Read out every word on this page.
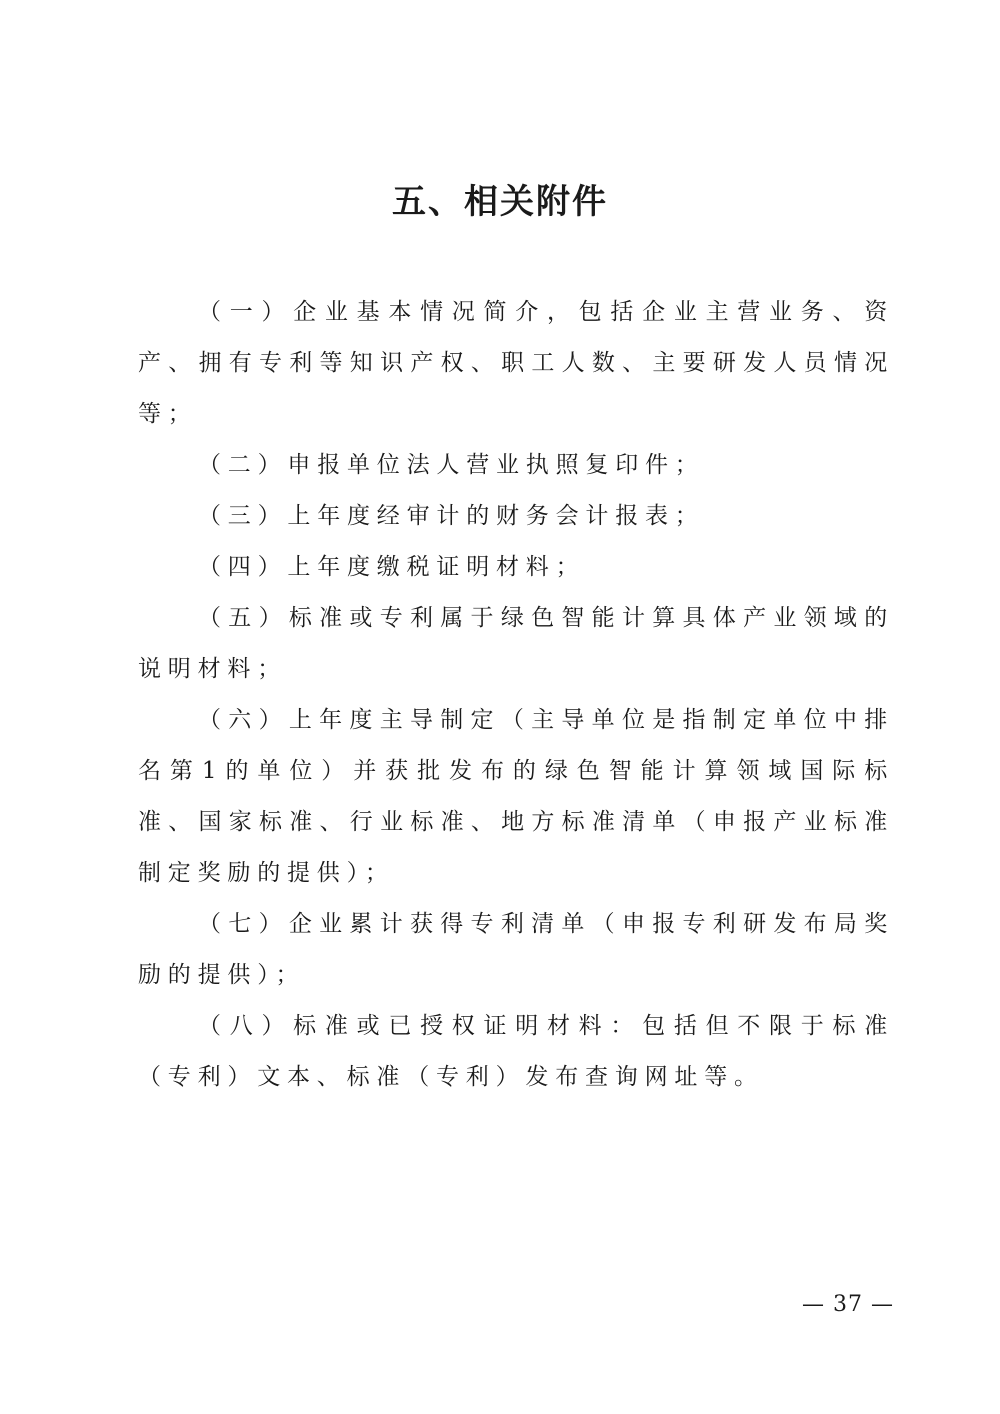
五、相关附件

（一）企业基本情况简介，包括企业主营业务、资产、拥有专利等知识产权、职工人数、主要研发人员情况等；

（二）申报单位法人营业执照复印件；

（三）上年度经审计的财务会计报表；

（四）上年度缴税证明材料；

（五）标准或专利属于绿色智能计算具体产业领域的说明材料；

（六）上年度主导制定（主导单位是指制定单位中排名第1的单位）并获批发布的绿色智能计算领域国际标准、国家标准、行业标准、地方标准清单（申报产业标准制定奖励的提供）；

（七）企业累计获得专利清单（申报专利研发布局奖励的提供）；

（八）标准或已授权证明材料：包括但不限于标准（专利）文本、标准（专利）发布查询网址等。

— 37 —
